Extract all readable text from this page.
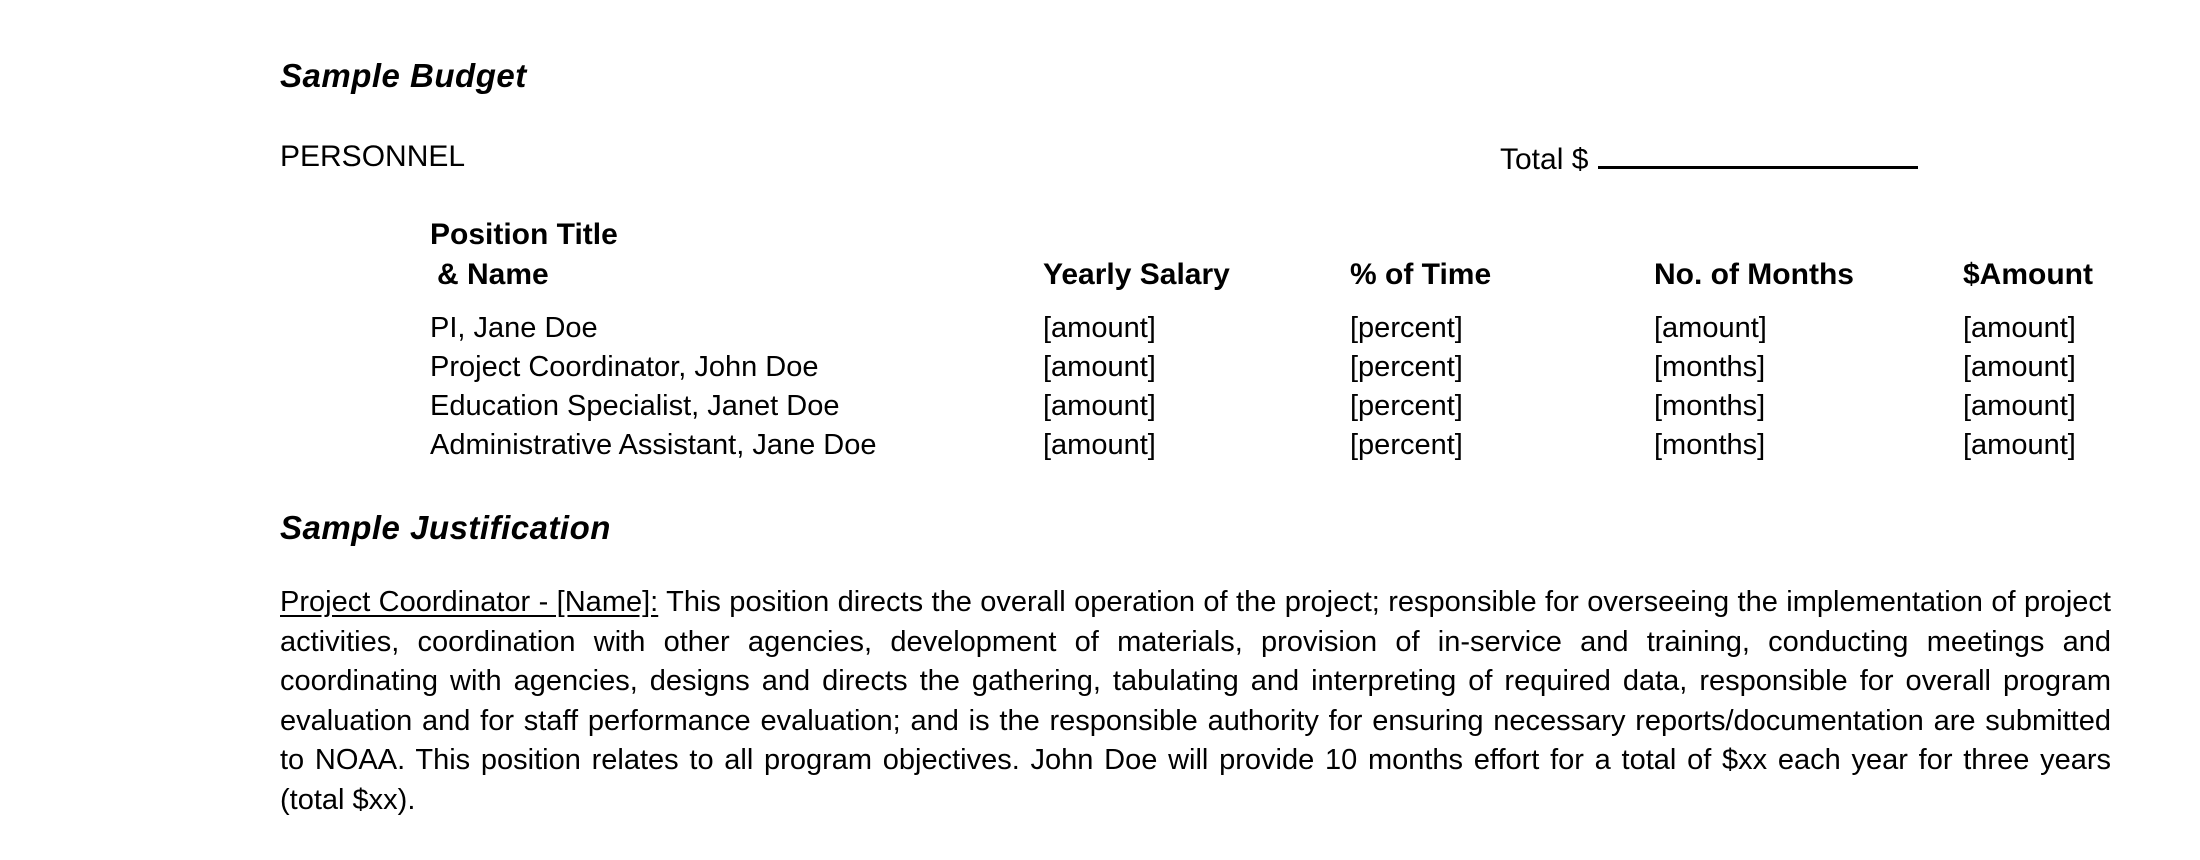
Sample Budget
PERSONNEL	Total $
Position Title
& Name	Yearly Salary	% of Time	No. of Months	$Amount
PI, Jane Doe	[amount]	[percent]	[amount]	[amount]
Project Coordinator, John Doe	[amount]	[percent]	[months]	[amount]
Education Specialist, Janet Doe	[amount]	[percent]	[months]	[amount]
Administrative Assistant, Jane Doe	[amount]	[percent]	[months]	[amount]
Sample Justification

Project Coordinator - [Name]: This position directs the overall operation of the project; responsible for overseeing the implementation of project activities, coordination with other agencies, development of materials, provision of in-service and training, conducting meetings and coordinating with agencies, designs and directs the gathering, tabulating and interpreting of required data, responsible for overall program evaluation and for staff performance evaluation; and is the responsible authority for ensuring necessary reports/documentation are submitted to NOAA. This position relates to all program objectives. John Doe will provide 10 months effort for a total of $xx each year for three years (total $xx).
